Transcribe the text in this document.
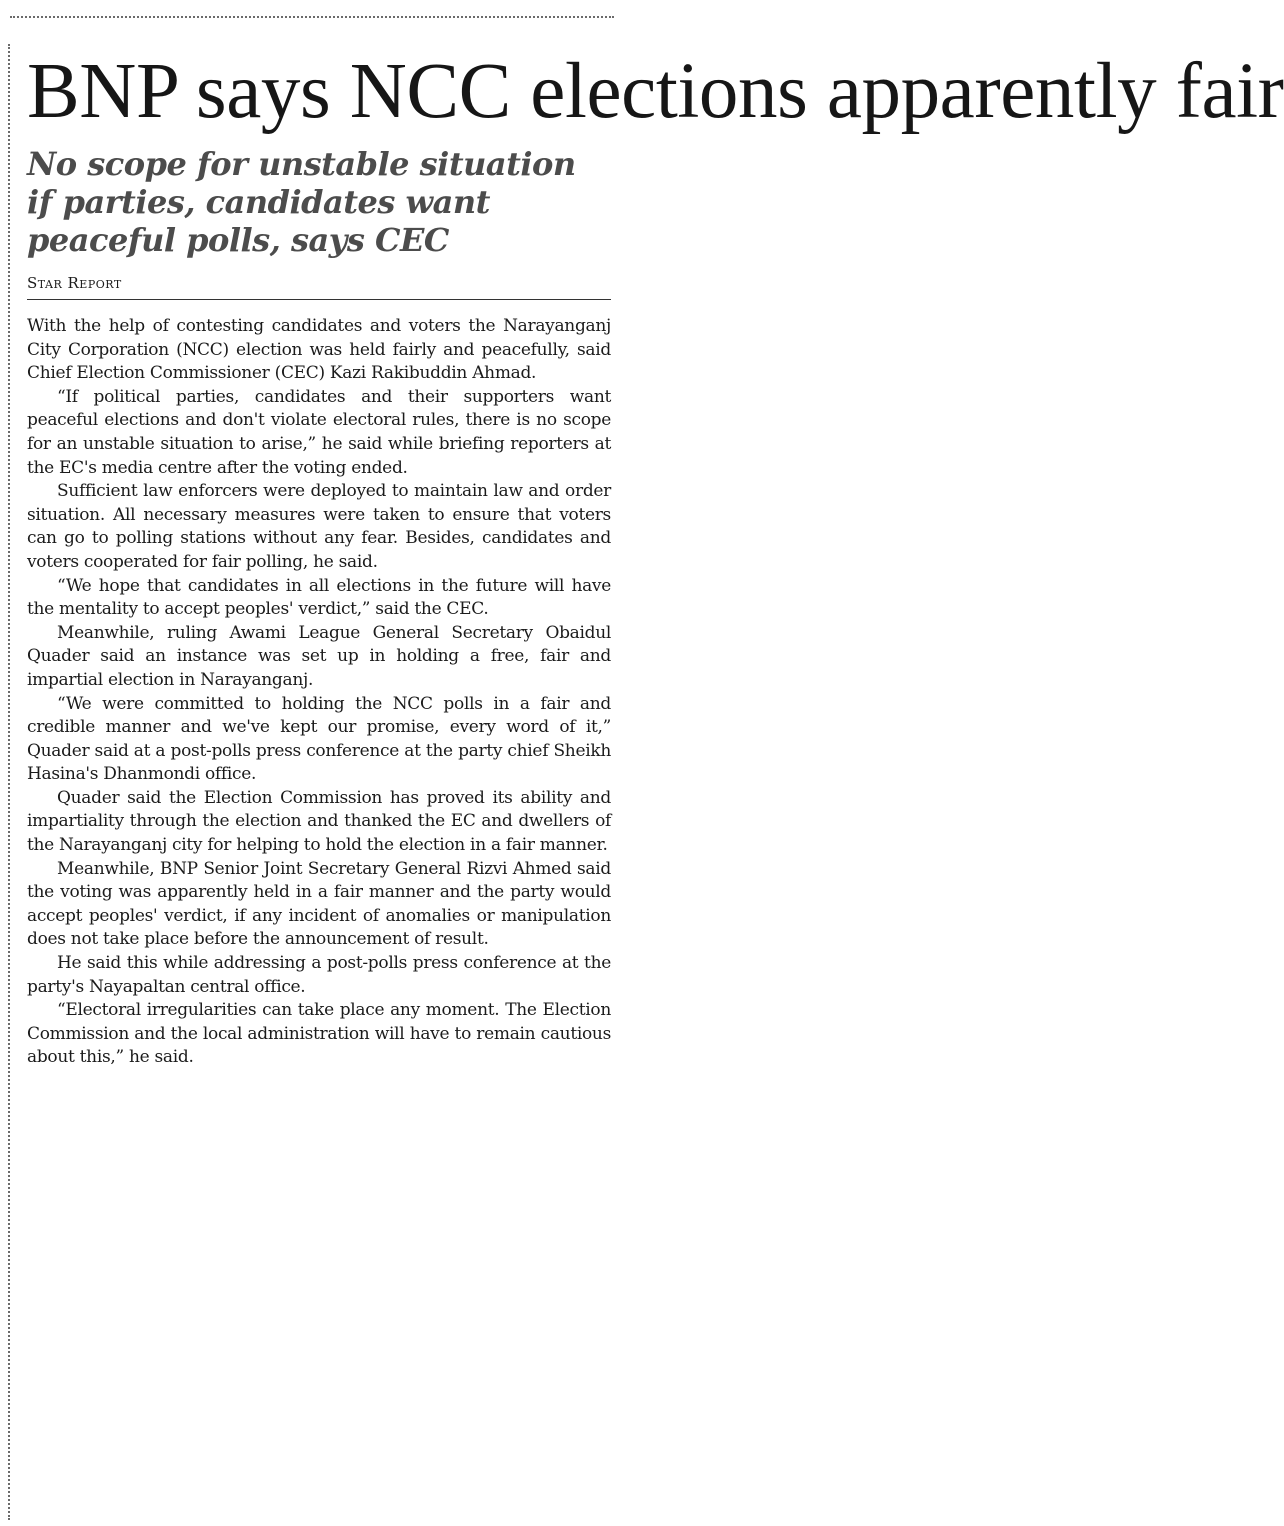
BNP says NCC elections apparently fair
No scope for unstable situation if parties, candidates want peaceful polls, says CEC
Star Report

With the help of contesting candidates and voters the Narayanganj City Corporation (NCC) election was held fairly and peacefully, said Chief Election Commissioner (CEC) Kazi Rakibuddin Ahmad.

“If political parties, candidates and their supporters want peaceful elections and don't violate electoral rules, there is no scope for an unstable situation to arise,” he said while briefing reporters at the EC's media centre after the voting ended.

Sufficient law enforcers were deployed to maintain law and order situation. All necessary measures were taken to ensure that voters can go to polling stations without any fear. Besides, candidates and voters cooperated for fair polling, he said.

“We hope that candidates in all elections in the future will have the mentality to accept peoples' verdict,” said the CEC.

Meanwhile, ruling Awami League General Secretary Obaidul Quader said an instance was set up in holding a free, fair and impartial election in Narayanganj.

“We were committed to holding the NCC polls in a fair and credible manner and we've kept our promise, every word of it,” Quader said at a post-polls press conference at the party chief Sheikh Hasina's Dhanmondi office.

Quader said the Election Commission has proved its ability and impartiality through the election and thanked the EC and dwellers of the Narayanganj city for helping to hold the election in a fair manner.

Meanwhile, BNP Senior Joint Secretary General Rizvi Ahmed said the voting was apparently held in a fair manner and the party would accept peoples' verdict, if any incident of anomalies or manipulation does not take place before the announcement of result.

He said this while addressing a post-polls press conference at the party's Nayapaltan central office.

“Electoral irregularities can take place any moment. The Election Commission and the local administration will have to remain cautious about this,” he said.
